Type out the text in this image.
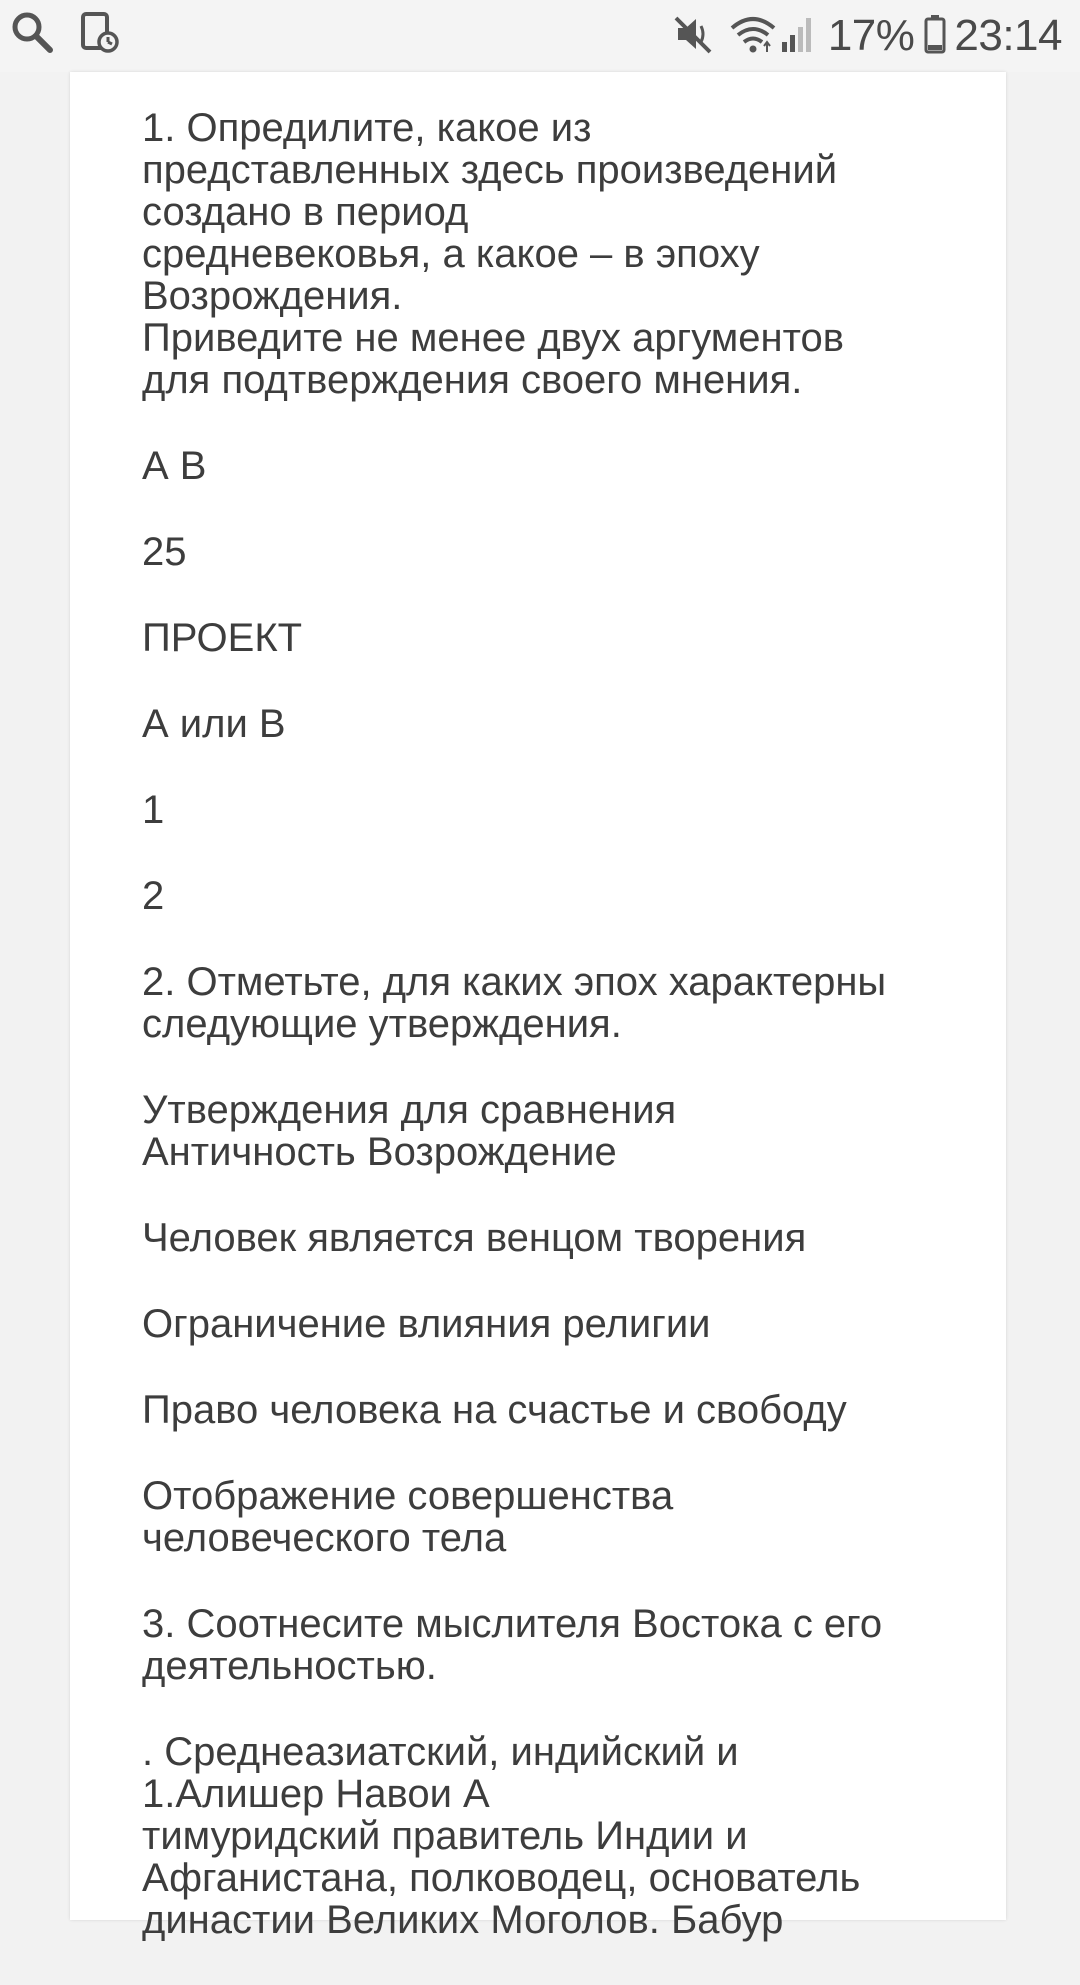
17% 23:14

1. Опредилите, какое из
представленных здесь произведений
создано в период
средневековья, а какое – в эпоху
Возрождения.
Приведите не менее двух аргументов
для подтверждения своего мнения.

А В

25

ПРОЕКТ

А или В

1

2

2. Отметьте, для каких эпох характерны
следующие утверждения.

Утверждения для сравнения
Античность Возрождение

Человек является венцом творения

Ограничение влияния религии

Право человека на счастье и свободу

Отображение совершенства
человеческого тела

3. Соотнесите мыслителя Востока с его
деятельностью.

. Среднеазиатский, индийский и
1.Алишер Навои А
тимуридский правитель Индии и
Афганистана, полководец, основатель
династии Великих Моголов. Бабур
